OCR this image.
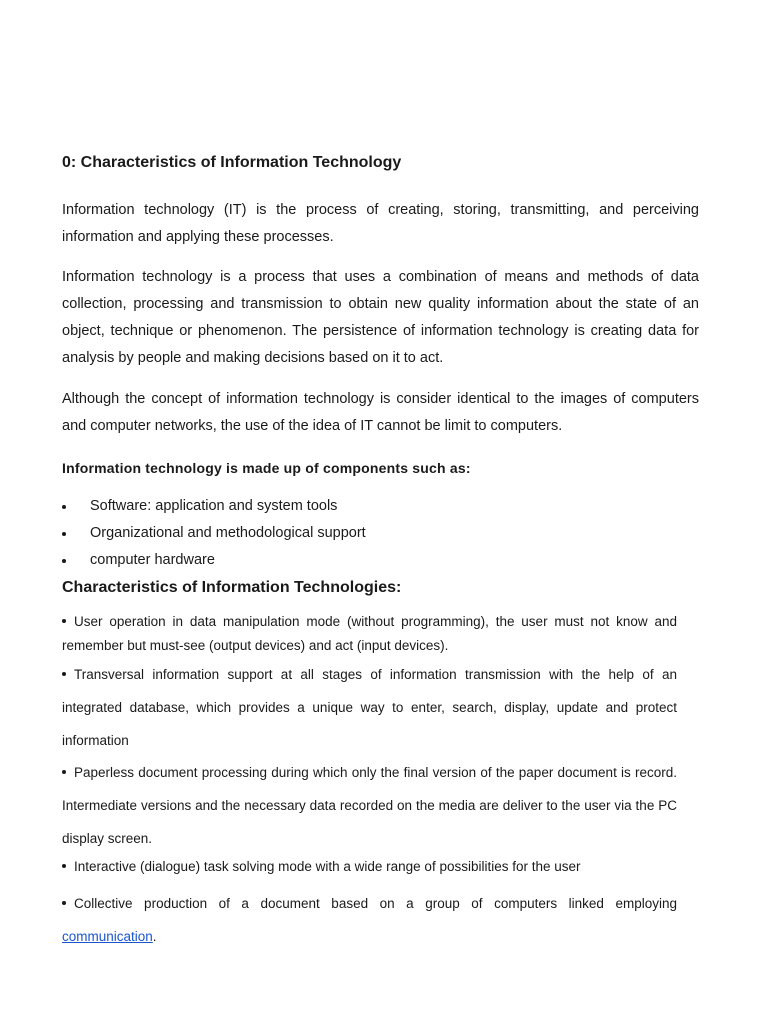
0: Characteristics of Information Technology

Information technology (IT) is the process of creating, storing, transmitting, and perceiving information and applying these processes.

Information technology is a process that uses a combination of means and methods of data collection, processing and transmission to obtain new quality information about the state of an object, technique or phenomenon. The persistence of information technology is creating data for analysis by people and making decisions based on it to act.

Although the concept of information technology is consider identical to the images of computers and computer networks, the use of the idea of IT cannot be limit to computers.

Information technology is made up of components such as:
Software: application and system tools
Organizational and methodological support
computer hardware
Characteristics of Information Technologies:
User operation in data manipulation mode (without programming), the user must not know and remember but must-see (output devices) and act (input devices).
Transversal information support at all stages of information transmission with the help of an integrated database, which provides a unique way to enter, search, display, update and protect information
Paperless document processing during which only the final version of the paper document is record. Intermediate versions and the necessary data recorded on the media are deliver to the user via the PC display screen.
Interactive (dialogue) task solving mode with a wide range of possibilities for the user
Collective production of a document based on a group of computers linked employing communication.
